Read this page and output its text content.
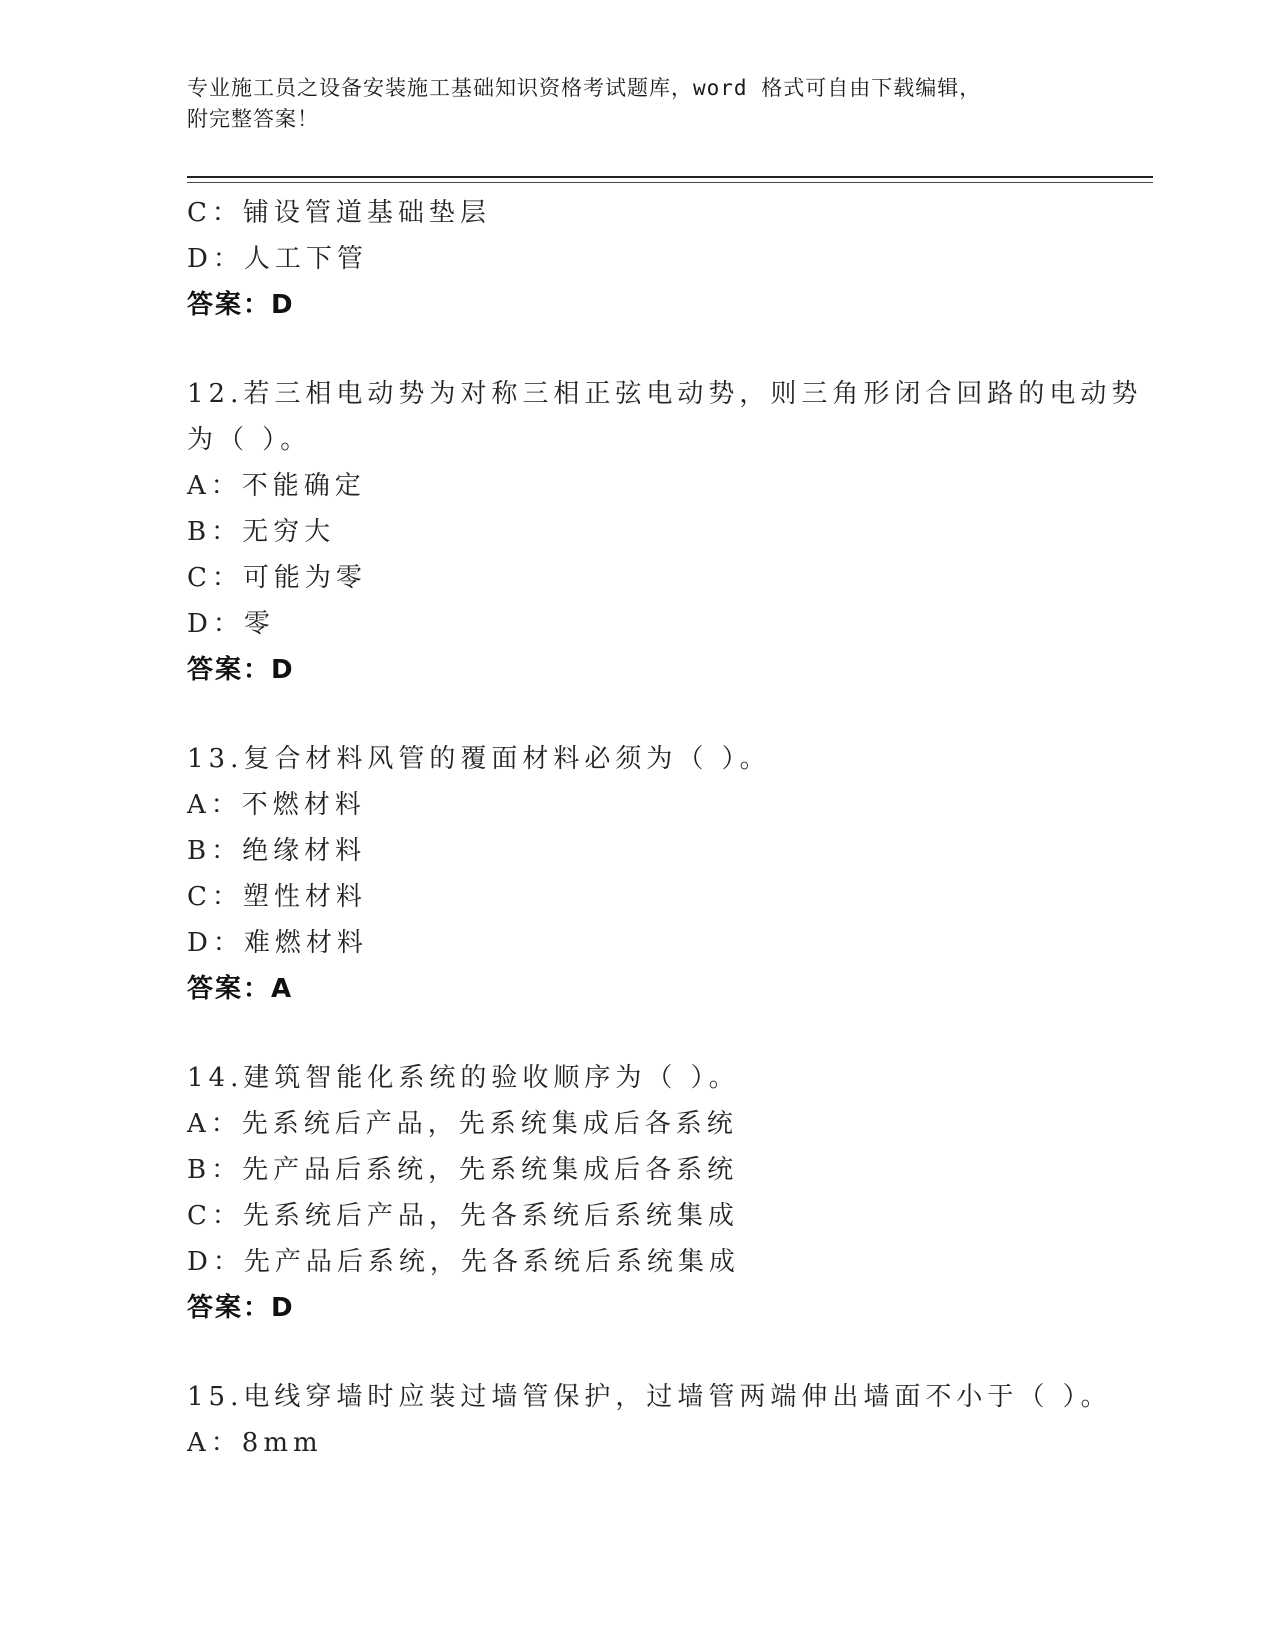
专业施工员之设备安装施工基础知识资格考试题库，word 格式可自由下载编辑，
附完整答案！
C：铺设管道基础垫层
D：人工下管
答案：D
12.若三相电动势为对称三相正弦电动势，则三角形闭合回路的电动势
为（ ）。
A：不能确定
B：无穷大
C：可能为零
D：零
答案：D
13.复合材料风管的覆面材料必须为（ ）。
A：不燃材料
B：绝缘材料
C：塑性材料
D：难燃材料
答案：A
14.建筑智能化系统的验收顺序为（ ）。
A：先系统后产品，先系统集成后各系统
B：先产品后系统，先系统集成后各系统
C：先系统后产品，先各系统后系统集成
D：先产品后系统，先各系统后系统集成
答案：D
15.电线穿墙时应装过墙管保护，过墙管两端伸出墙面不小于（ ）。
A：8mm
